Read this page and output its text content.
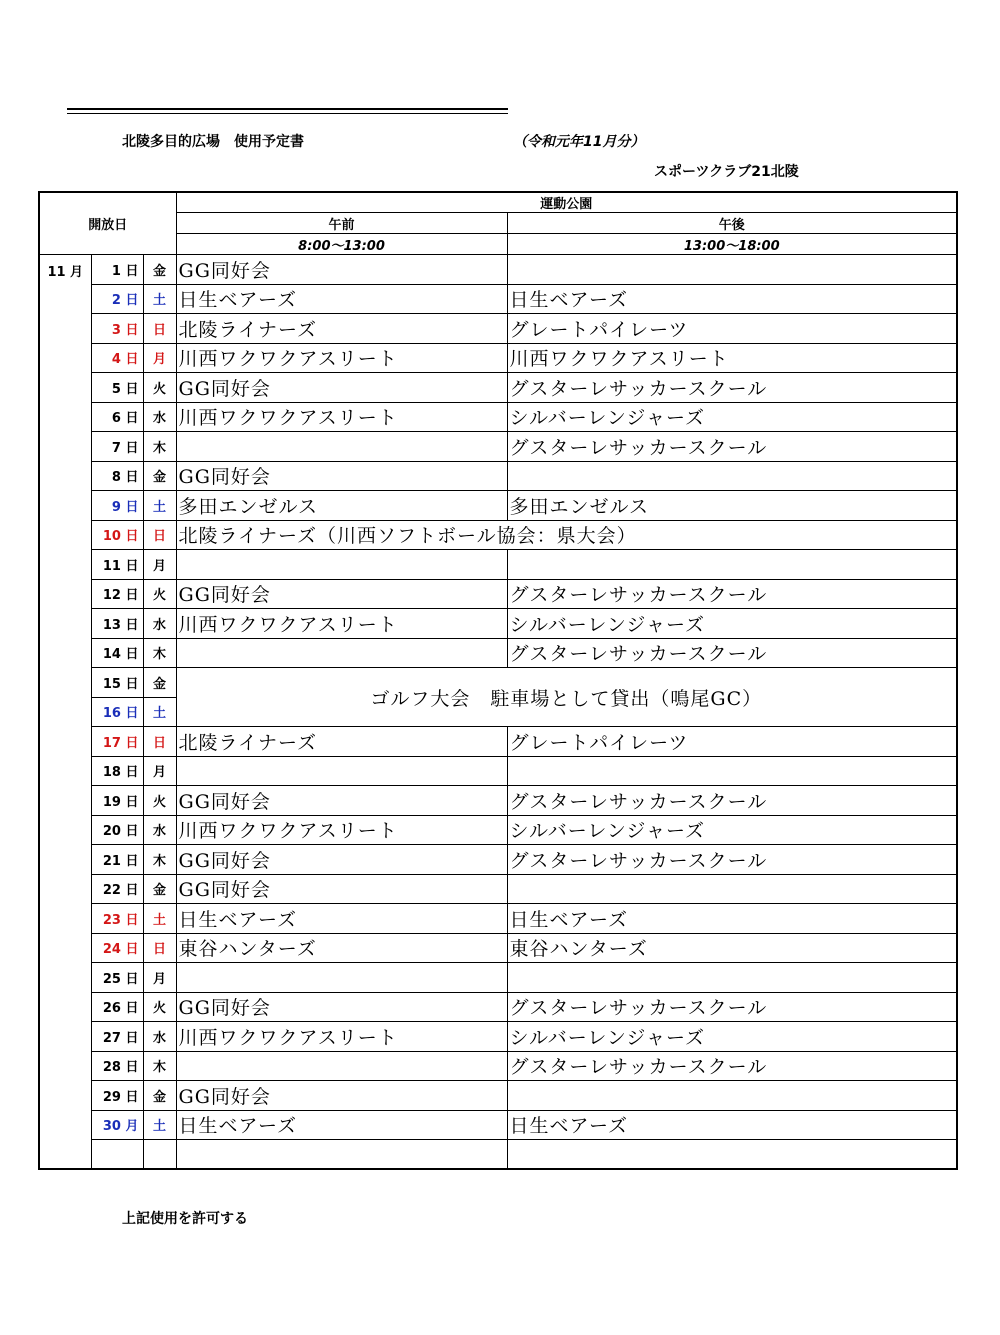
北陵多目的広場　使用予定書	（令和元年11月分）
スポーツクラブ21北陵
開放日			運動公園	
			午前	午後
			8:00～13:00	13:00～18:00
11 月	1 日	金	GG同好会	
	2 日	土	日生ベアーズ	日生ベアーズ
	3 日	日	北陵ライナーズ	グレートパイレーツ
	4 日	月	川西ワクワクアスリート	川西ワクワクアスリート
	5 日	火	GG同好会	グスターレサッカースクール
	6 日	水	川西ワクワクアスリート	シルバーレンジャーズ
	7 日	木		グスターレサッカースクール
	8 日	金	GG同好会	
	9 日	土	多田エンゼルス	多田エンゼルス
	10 日	日	北陵ライナーズ（川西ソフトボール協会：県大会）	
	11 日	月		
	12 日	火	GG同好会	グスターレサッカースクール
	13 日	水	川西ワクワクアスリート	シルバーレンジャーズ
	14 日	木		グスターレサッカースクール
	15 日	金	ゴルフ大会　駐車場として貸出（鳴尾GC）	
	16 日	土		
	17 日	日	北陵ライナーズ	グレートパイレーツ
	18 日	月		
	19 日	火	GG同好会	グスターレサッカースクール
	20 日	水	川西ワクワクアスリート	シルバーレンジャーズ
	21 日	木	GG同好会	グスターレサッカースクール
	22 日	金	GG同好会	
	23 日	土	日生ベアーズ	日生ベアーズ
	24 日	日	東谷ハンターズ	東谷ハンターズ
	25 日	月		
	26 日	火	GG同好会	グスターレサッカースクール
	27 日	水	川西ワクワクアスリート	シルバーレンジャーズ
	28 日	木		グスターレサッカースクール
	29 日	金	GG同好会	
	30 月	土	日生ベアーズ	日生ベアーズ

上記使用を許可する
